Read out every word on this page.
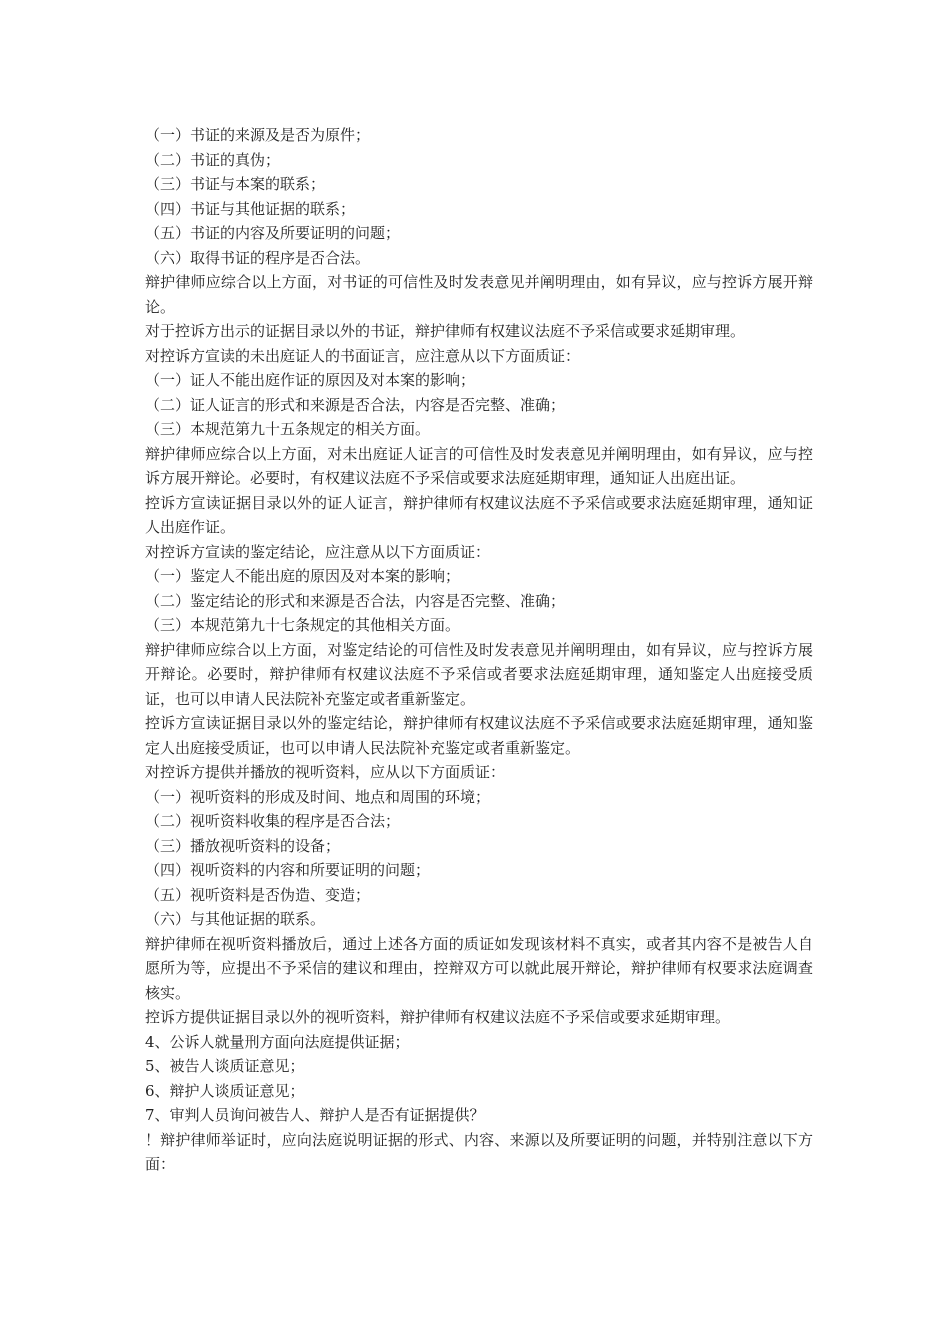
（一）书证的来源及是否为原件；

（二）书证的真伪；

（三）书证与本案的联系；

（四）书证与其他证据的联系；

（五）书证的内容及所要证明的问题；

（六）取得书证的程序是否合法。

辩护律师应综合以上方面，对书证的可信性及时发表意见并阐明理由，如有异议，应与控诉方展开辩论。

对于控诉方出示的证据目录以外的书证，辩护律师有权建议法庭不予采信或要求延期审理。

对控诉方宣读的未出庭证人的书面证言，应注意从以下方面质证：

（一）证人不能出庭作证的原因及对本案的影响；

（二）证人证言的形式和来源是否合法，内容是否完整、准确；

（三）本规范第九十五条规定的相关方面。

辩护律师应综合以上方面，对未出庭证人证言的可信性及时发表意见并阐明理由，如有异议，应与控诉方展开辩论。必要时，有权建议法庭不予采信或要求法庭延期审理，通知证人出庭出证。

控诉方宣读证据目录以外的证人证言，辩护律师有权建议法庭不予采信或要求法庭延期审理，通知证人出庭作证。

对控诉方宣读的鉴定结论，应注意从以下方面质证：

（一）鉴定人不能出庭的原因及对本案的影响；

（二）鉴定结论的形式和来源是否合法，内容是否完整、准确；

（三）本规范第九十七条规定的其他相关方面。

辩护律师应综合以上方面，对鉴定结论的可信性及时发表意见并阐明理由，如有异议，应与控诉方展开辩论。必要时，辩护律师有权建议法庭不予采信或者要求法庭延期审理，通知鉴定人出庭接受质证，也可以申请人民法院补充鉴定或者重新鉴定。

控诉方宣读证据目录以外的鉴定结论，辩护律师有权建议法庭不予采信或要求法庭延期审理，通知鉴定人出庭接受质证，也可以申请人民法院补充鉴定或者重新鉴定。

对控诉方提供并播放的视听资料，应从以下方面质证：

（一）视听资料的形成及时间、地点和周围的环境；

（二）视听资料收集的程序是否合法；

（三）播放视听资料的设备；

（四）视听资料的内容和所要证明的问题；

（五）视听资料是否伪造、变造；

（六）与其他证据的联系。

辩护律师在视听资料播放后，通过上述各方面的质证如发现该材料不真实，或者其内容不是被告人自愿所为等，应提出不予采信的建议和理由，控辩双方可以就此展开辩论，辩护律师有权要求法庭调查核实。

控诉方提供证据目录以外的视听资料，辩护律师有权建议法庭不予采信或要求延期审理。

4、公诉人就量刑方面向法庭提供证据；

5、被告人谈质证意见；

6、辩护人谈质证意见；

7、审判人员询问被告人、辩护人是否有证据提供？

！辩护律师举证时，应向法庭说明证据的形式、内容、来源以及所要证明的问题，并特别注意以下方面：
